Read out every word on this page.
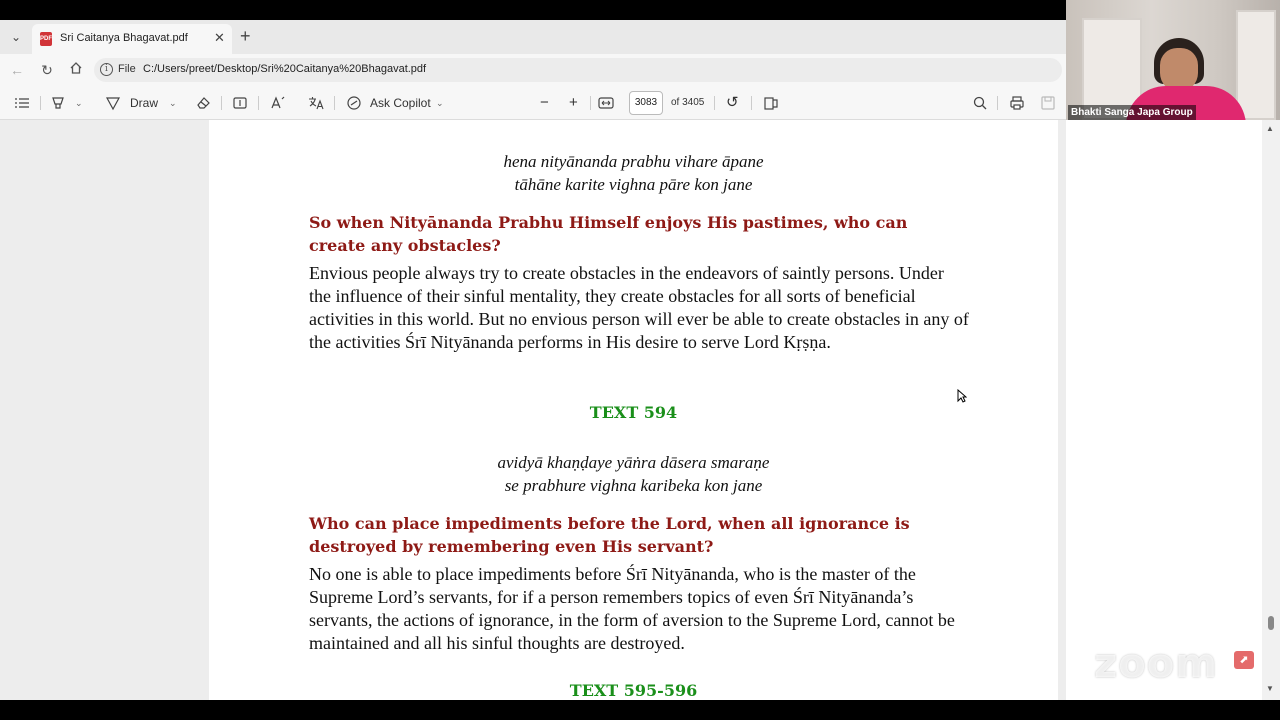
⌄	PDF Sri Caitanya Bhagavat.pdf ✕ +
← ↻	i File C:/Users/preet/Desktop/Sri%20Caitanya%20Bhagavat.pdf
⌄	Draw ⌄	Ask Copilot ⌄	− +	3083	of 3405 ↺
hena nityānanda prabhu vihare āpane
tāhāne karite vighna pāre kon jane
So when Nityānanda Prabhu Himself enjoys His pastimes, who can create any obstacles?
Envious people always try to create obstacles in the endeavors of saintly persons. Under the influence of their sinful mentality, they create obstacles for all sorts of beneficial activities in this world. But no envious person will ever be able to create obstacles in any of the activities Śrī Nityānanda performs in His desire to serve Lord Kṛṣṇa.
TEXT 594
avidyā khaṇḍaye yāṅra dāsera smaraṇe
se prabhure vighna karibeka kon jane
Who can place impediments before the Lord, when all ignorance is destroyed by remembering even His servant?
No one is able to place impediments before Śrī Nityānanda, who is the master of the Supreme Lord’s servants, for if a person remembers topics of even Śrī Nityānanda’s servants, the actions of ignorance, in the form of aversion to the Supreme Lord, cannot be maintained and all his sinful thoughts are destroyed.
TEXT 595-596
▲
▼
Bhakti Sanga Japa Group
zoom	⬈
